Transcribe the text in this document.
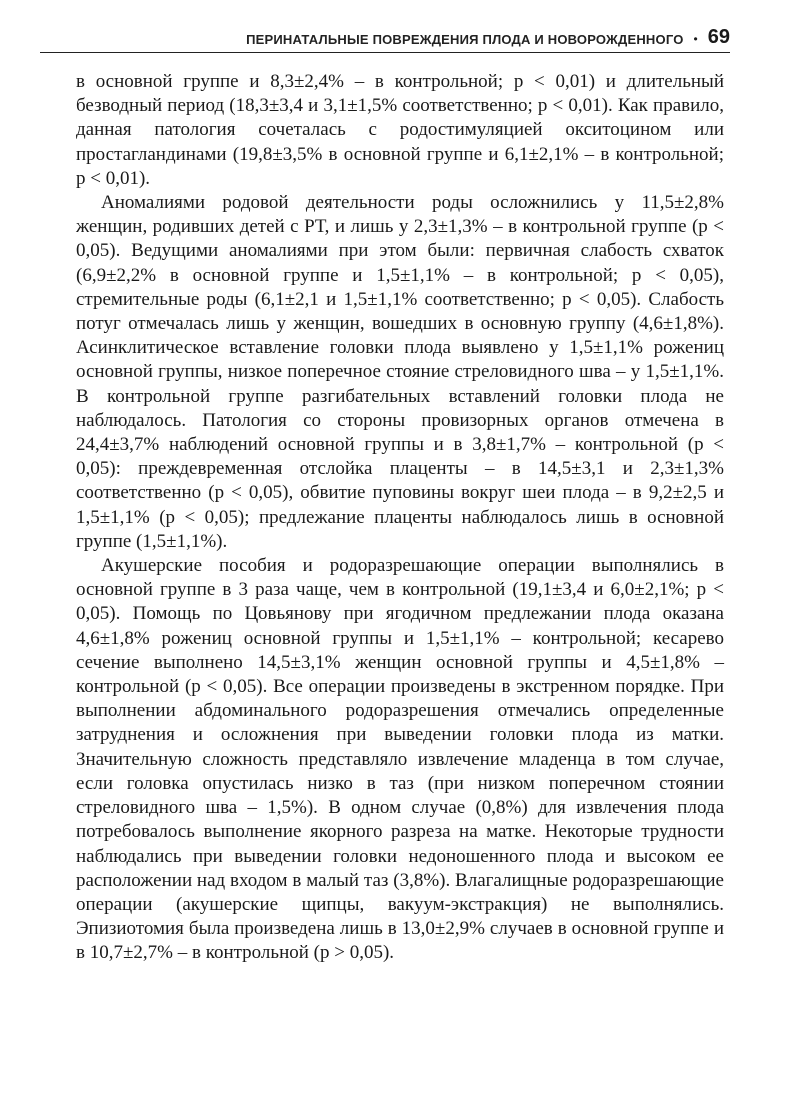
ПЕРИНАТАЛЬНЫЕ ПОВРЕЖДЕНИЯ ПЛОДА И НОВОРОЖДЕННОГО • 69

в основной группе и 8,3±2,4% – в контрольной; p < 0,01) и длительный безводный период (18,3±3,4 и 3,1±1,5% соответственно; p < 0,01). Как правило, данная патология сочеталась с родостимуляцией окситоцином или простагландинами (19,8±3,5% в основной группе и 6,1±2,1% – в контрольной; p < 0,01).

Аномалиями родовой деятельности роды осложнились у 11,5±2,8% женщин, родивших детей с РТ, и лишь у 2,3±1,3% – в контрольной группе (p < 0,05). Ведущими аномалиями при этом были: первичная слабость схваток (6,9±2,2% в основной группе и 1,5±1,1% – в контрольной; p < 0,05), стремительные роды (6,1±2,1 и 1,5±1,1% соответственно; p < 0,05). Слабость потуг отмечалась лишь у женщин, вошедших в основную группу (4,6±1,8%). Асинклитическое вставление головки плода выявлено у 1,5±1,1% рожениц основной группы, низкое поперечное стояние стреловидного шва – у 1,5±1,1%. В контрольной группе разгибательных вставлений головки плода не наблюдалось. Патология со стороны провизорных органов отмечена в 24,4±3,7% наблюдений основной группы и в 3,8±1,7% – контрольной (p < 0,05): преждевременная отслойка плаценты – в 14,5±3,1 и 2,3±1,3% соответственно (p < 0,05), обвитие пуповины вокруг шеи плода – в 9,2±2,5 и 1,5±1,1% (p < 0,05); предлежание плаценты наблюдалось лишь в основной группе (1,5±1,1%).

Акушерские пособия и родоразрешающие операции выполнялись в основной группе в 3 раза чаще, чем в контрольной (19,1±3,4 и 6,0±2,1%; p < 0,05). Помощь по Цовьянову при ягодичном предлежании плода оказана 4,6±1,8% рожениц основной группы и 1,5±1,1% – контрольной; кесарево сечение выполнено 14,5±3,1% женщин основной группы и 4,5±1,8% – контрольной (p < 0,05). Все операции произведены в экстренном порядке. При выполнении абдоминального родоразрешения отмечались определенные затруднения и осложнения при выведении головки плода из матки. Значительную сложность представляло извлечение младенца в том случае, если головка опустилась низко в таз (при низком поперечном стоянии стреловидного шва – 1,5%). В одном случае (0,8%) для извлечения плода потребовалось выполнение якорного разреза на матке. Некоторые трудности наблюдались при выведении головки недоношенного плода и высоком ее расположении над входом в малый таз (3,8%). Влагалищные родоразрешающие операции (акушерские щипцы, вакуум-экстракция) не выполнялись. Эпизиотомия была произведена лишь в 13,0±2,9% случаев в основной группе и в 10,7±2,7% – в контрольной (p > 0,05).
